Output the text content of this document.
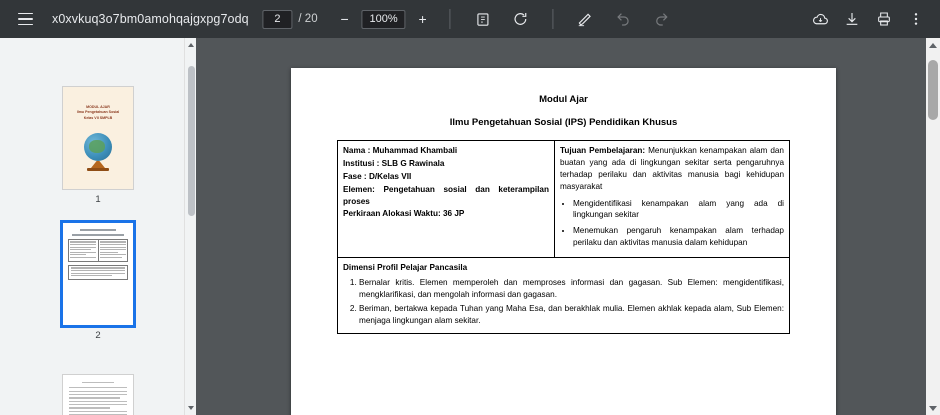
x0xvkuq3o7bm0amohqajgxpg7odq
2	/ 20	−	100%	+
MODUL AJAR
Ilmu Pengetahuan Sosial
Kelas VII SMPLB
1
2
Modul Ajar
Ilmu Pengetahuan Sosial (IPS) Pendidikan Khusus

Nama : Muhammad Khambali

Institusi : SLB G Rawinala

Fase : D/Kelas VII

Elemen: Pengetahuan sosial dan keterampilan proses

Perkiraan Alokasi Waktu: 36 JP

Tujuan Pembelajaran: Menunjukkan kenampakan alam dan buatan yang ada di lingkungan sekitar serta pengaruhnya terhadap perilaku dan aktivitas manusia bagi kehidupan masyarakat

• Mengidentifikasi kenampakan alam yang ada di lingkungan sekitar
• Menemukan pengaruh kenampakan alam terhadap perilaku dan aktivitas manusia dalam kehidupan

Dimensi Profil Pelajar Pancasila

1. Bernalar kritis. Elemen memperoleh dan memproses informasi dan gagasan. Sub Elemen: mengidentifikasi, mengklarifikasi, dan mengolah informasi dan gagasan.
2. Beriman, bertakwa kepada Tuhan yang Maha Esa, dan berakhlak mulia. Elemen akhlak kepada alam, Sub Elemen: menjaga lingkungan alam sekitar.
